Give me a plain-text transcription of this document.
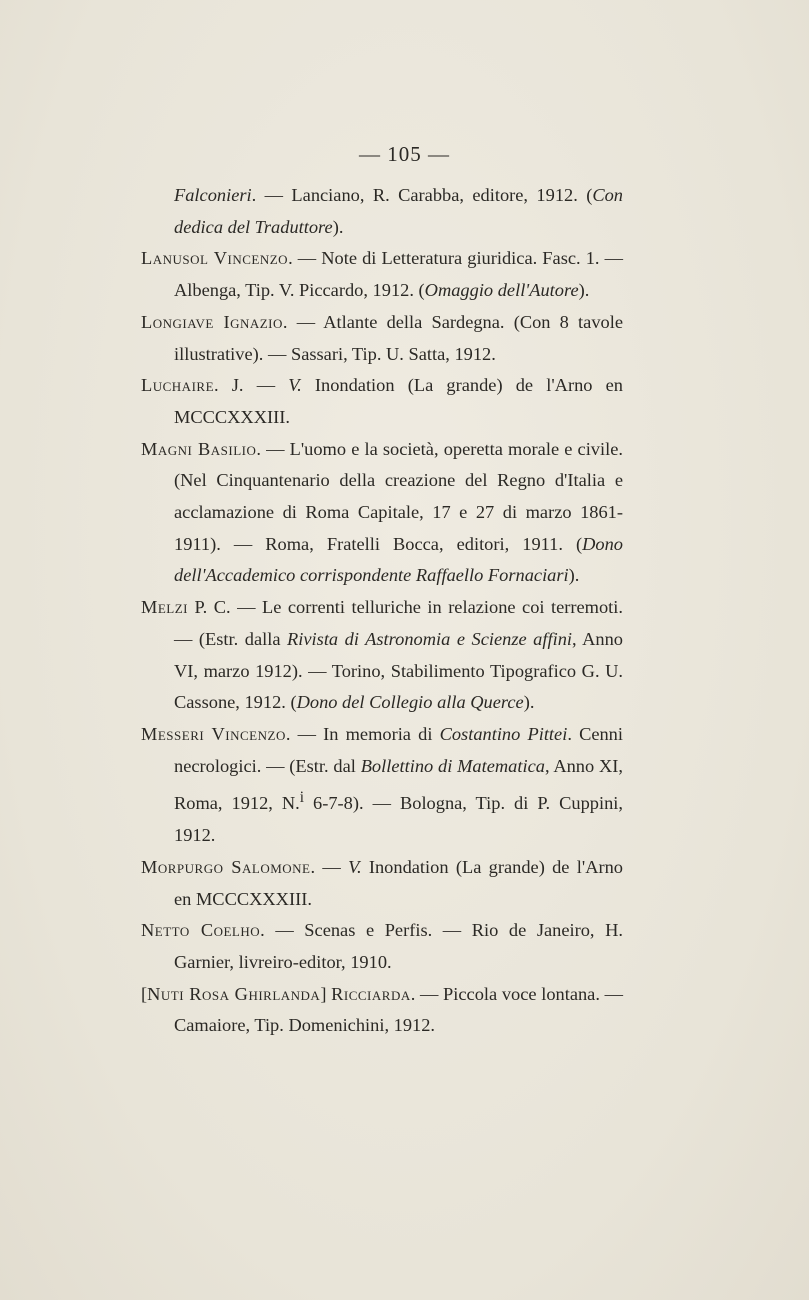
— 105 —
Falconieri. — Lanciano, R. Carabba, editore, 1912. (Con dedica del Traduttore).
Lanusol Vincenzo. — Note di Letteratura giuridica. Fasc. 1. — Albenga, Tip. V. Piccardo, 1912. (Omaggio dell'Autore).
Longiave Ignazio. — Atlante della Sardegna. (Con 8 tavole illustrative). — Sassari, Tip. U. Satta, 1912.
Luchaire. J. — V. Inondation (La grande) de l'Arno en MCCCXXXIII.
Magni Basilio. — L'uomo e la società, operetta morale e civile. (Nel Cinquantenario della creazione del Regno d'Italia e acclamazione di Roma Capitale, 17 e 27 di marzo 1861-1911). — Roma, Fratelli Bocca, editori, 1911. (Dono dell'Accademico corrispondente Raffaello Fornaciari).
Melzi P. C. — Le correnti telluriche in relazione coi terremoti. — (Estr. dalla Rivista di Astronomia e Scienze affini, Anno VI, marzo 1912). — Torino, Stabilimento Tipografico G. U. Cassone, 1912. (Dono del Collegio alla Querce).
Messeri Vincenzo. — In memoria di Costantino Pittei. Cenni necrologici. — (Estr. dal Bollettino di Matematica, Anno XI, Roma, 1912, N.$^i$ 6-7-8). — Bologna, Tip. di P. Cuppini, 1912.
Morpurgo Salomone. — V. Inondation (La grande) de l'Arno en MCCCXXXIII.
Netto Coelho. — Scenas e Perfis. — Rio de Janeiro, H. Garnier, livreiro-editor, 1910.
[Nuti Rosa Ghirlanda] Ricciarda. — Piccola voce lontana. — Camaiore, Tip. Domenichini, 1912.
